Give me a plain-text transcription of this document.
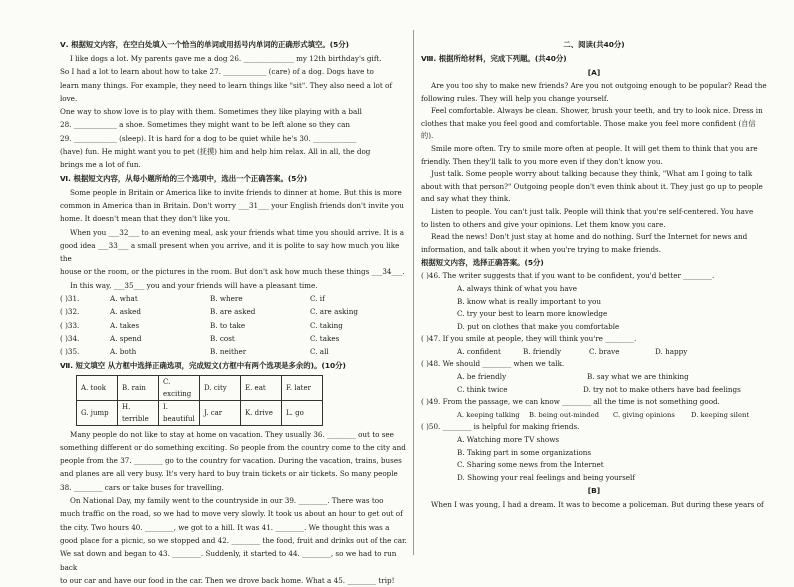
Ⅴ. 根据短文内容，在空白处填入一个恰当的单词或用括号内单词的正确形式填空。(5分)

I like dogs a lot. My parents gave me a dog 26. ______________ my 12th birthday's gift.

So I had a lot to learn about how to take 27. ____________ (care) of a dog. Dogs have to

learn many things. For example, they need to learn things like "sit". They also need a lot of love.

One way to show love is to play with them. Sometimes they like playing with a ball

28. ____________ a shoe. Sometimes they might want to be left alone so they can

29. ____________ (sleep). It is hard for a dog to be quiet while he's 30. ____________

(have) fun. He might want you to pet (抚摸) him and help him relax. All in all, the dog

brings me a lot of fun.

Ⅵ. 根据短文内容，从每小题所给的三个选项中，选出一个正确答案。(5分)

Some people in Britain or America like to invite friends to dinner at home. But this is more

common in America than in Britain. Don't worry ___31___ your English friends don't invite you

home. It doesn't mean that they don't like you.

When you ___32___ to an evening meal, ask your friends what time you should arrive. It is a

good idea ___33___ a small present when you arrive, and it is polite to say how much you like the

house or the room, or the pictures in the room. But don't ask how much these things ___34___.

In this way, ___35___ you and your friends will have a pleasant time.

( )31.	A. what	B. where	C. if
( )32.	A. asked	B. are asked	C. are asking
( )33.	A. takes	B. to take	C. taking
( )34.	A. spend	B. cost	C. takes
( )35.	A. both	B. neither	C. all
Ⅶ. 短文填空 从方框中选择正确选项，完成短文(方框中有两个选项是多余的)。(10分)
A. took	B. rain	C. exciting	D. city	E. eat	F. later
G. jump	H. terrible	I. beautiful	J. car	K. drive	L. go

Many people do not like to stay at home on vacation. They usually 36. ________ out to see

something different or do something exciting. So people from the country come to the city and

people from the 37. ________ go to the country for vacation. During the vacation, trains, buses

and planes are all very busy. It's very hard to buy train tickets or air tickets. So many people

38. ________ cars or take buses for travelling.

On National Day, my family went to the countryside in our 39. ________. There was too

much traffic on the road, so we had to move very slowly. It took us about an hour to get out of

the city. Two hours 40. ________, we got to a hill. It was 41. ________. We thought this was a

good place for a picnic, so we stopped and 42. ________ the food, fruit and drinks out of the car.

We sat down and began to 43. ________. Suddenly, it started to 44. ________, so we had to run back

to our car and have our food in the car. Then we drove back home. What a 45. ________ trip!

二、阅读(共40分)
Ⅷ. 根据所给材料，完成下列题。(共40分)
[A]

Are you too shy to make new friends? Are you not outgoing enough to be popular? Read the

following rules. They will help you change yourself.

Feel comfortable. Always be clean. Shower, brush your teeth, and try to look nice. Dress in

clothes that make you feel good and comfortable. Those make you feel more confident (自信的).

Smile more often. Try to smile more often at people. It will get them to think that you are

friendly. Then they'll talk to you more even if they don't know you.

Just talk. Some people worry about talking because they think, "What am I going to talk

about with that person?" Outgoing people don't even think about it. They just go up to people

and say what they think.

Listen to people. You can't just talk. People will think that you're self-centered. You have

to listen to others and give your opinions. Let them know you care.

Read the news! Don't just stay at home and do nothing. Surf the Internet for news and

information, and talk about it when you're trying to make friends.

根据短文内容，选择正确答案。(5分)

( )46. The writer suggests that if you want to be confident, you'd better ________.

A. always think of what you have

B. know what is really important to you

C. try your best to learn more knowledge

D. put on clothes that make you comfortable

( )47. If you smile at people, they will think you're ________.

A. confident	B. friendly	C. brave	D. happy

( )48. We should ________ when we talk.

A. be friendly	B. say what we are thinking
C. think twice	D. try not to make others have bad feelings

( )49. From the passage, we can know ________ all the time is not something good.

A. keeping talking	B. being out-minded	C. giving opinions	D. keeping silent

( )50. ________ is helpful for making friends.

A. Watching more TV shows

B. Taking part in some organizations

C. Sharing some news from the Internet

D. Showing your real feelings and being yourself

[B]

When I was young, I had a dream. It was to become a policeman. But during these years of
